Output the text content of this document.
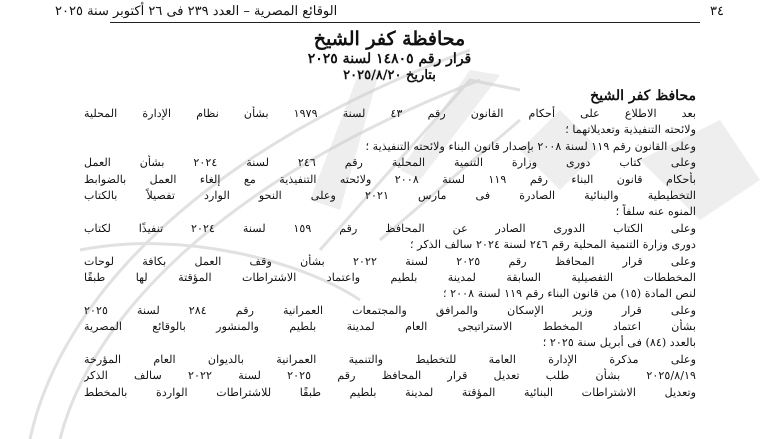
٣٤
الوقائع المصرية – العدد ٢٣٩ فى ٢٦ أكتوبر سنة ٢٠٢٥
محافظة كفر الشيخ
قرار رقم ١٤٨٠٥ لسنة ٢٠٢٥
بتاريخ ٢٠٢٥/٨/٢٠
محافظ كفر الشيخ
بعد الاطلاع على أحكام القانون رقم ٤٣ لسنة ١٩٧٩ بشأن نظام الإدارة المحلية
ولائحته التنفيذية وتعديلاتهما ؛
وعلى القانون رقم ١١٩ لسنة ٢٠٠٨ بإصدار قانون البناء ولائحته التنفيذية ؛
وعلى كتاب دورى وزارة التنمية المحلية رقم ٢٤٦ لسنة ٢٠٢٤ بشأن العمل
بأحكام قانون البناء رقم ١١٩ لسنة ٢٠٠٨ ولائحته التنفيذية مع إلغاء العمل بالضوابط
التخطيطية والبنائية الصادرة فى مارس ٢٠٢١ وعلى النحو الوارد تفصيلاً بالكتاب
المنوه عنه سلفاً ؛
وعلى الكتاب الدورى الصادر عن المحافظ رقم ١٥٩ لسنة ٢٠٢٤ تنفيذًا لكتاب
دورى وزارة التنمية المحلية رقم ٢٤٦ لسنة ٢٠٢٤ سالف الذكر ؛
وعلى قرار المحافظ رقم ٢٠٢٥ لسنة ٢٠٢٢ بشأن وقف العمل بكافة لوحات
المخططات التفصيلية السابقة لمدينة بلطيم واعتماد الاشتراطات المؤقتة لها طبقًا
لنص المادة (١٥) من قانون البناء رقم ١١٩ لسنة ٢٠٠٨ ؛
وعلى قرار وزير الإسكان والمرافق والمجتمعات العمرانية رقم ٢٨٤ لسنة ٢٠٢٥
بشأن اعتماد المخطط الاستراتيجى العام لمدينة بلطيم والمنشور بالوقائع المصرية
بالعدد (٨٤) فى أبريل سنة ٢٠٢٥ ؛
وعلى مذكرة الإدارة العامة للتخطيط والتنمية العمرانية بالديوان العام المؤرخة
٢٠٢٥/٨/١٩ بشأن طلب تعديل قرار المحافظ رقم ٢٠٢٥ لسنة ٢٠٢٢ سالف الذكر
وتعديل الاشتراطات البنائية المؤقتة لمدينة بلطيم طبقًا للاشتراطات الواردة بالمخطط
